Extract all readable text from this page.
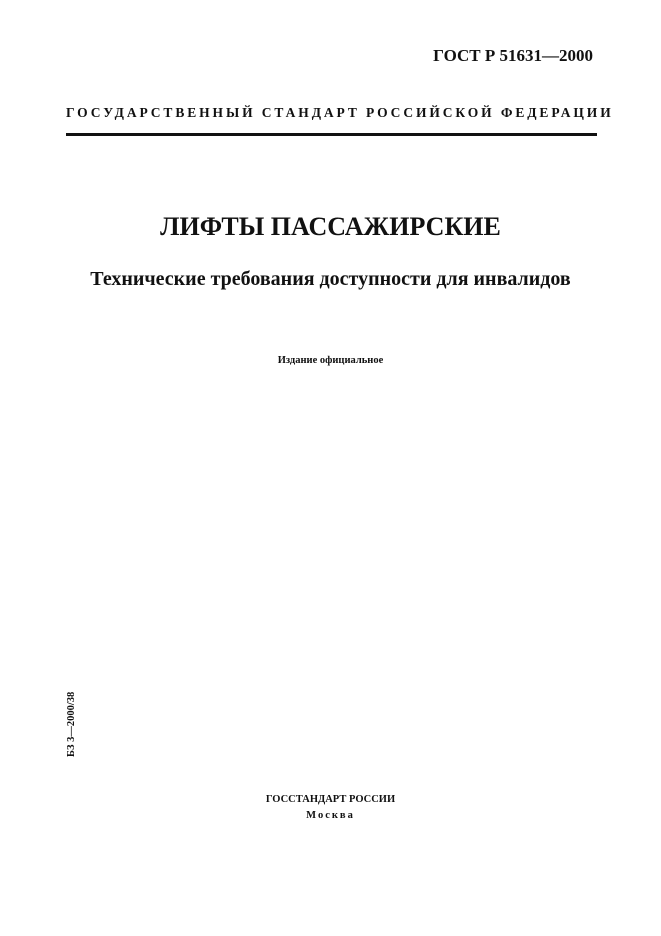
ГОСТ Р 51631—2000
ГОСУДАРСТВЕННЫЙ СТАНДАРТ РОССИЙСКОЙ ФЕДЕРАЦИИ
ЛИФТЫ ПАССАЖИРСКИЕ
Технические требования доступности для инвалидов
Издание официальное
БЗ 3—2000/38
ГОССТАНДАРТ РОССИИ
Москва
